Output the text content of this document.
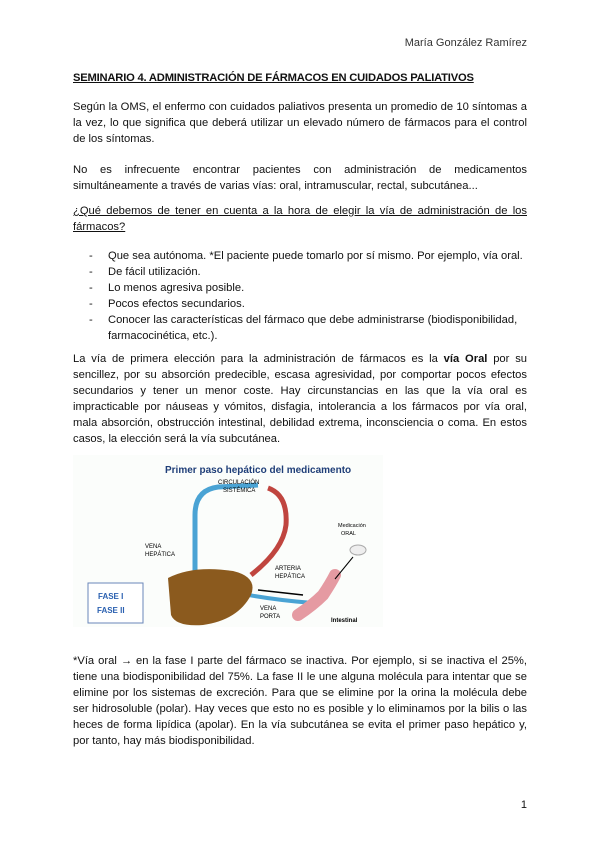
María González Ramírez
SEMINARIO 4. ADMINISTRACIÓN DE FÁRMACOS EN CUIDADOS PALIATIVOS

Según la OMS, el enfermo con cuidados paliativos presenta un promedio de 10 síntomas a la vez, lo que significa que deberá utilizar un elevado número de fármacos para el control de los síntomas.

No es infrecuente encontrar pacientes con administración de medicamentos simultáneamente a través de varias vías: oral, intramuscular, rectal, subcutánea...

¿Qué debemos de tener en cuenta a la hora de elegir la vía de administración de los fármacos?

- Que sea autónoma. *El paciente puede tomarlo por sí mismo. Por ejemplo, vía oral.
- De fácil utilización.
- Lo menos agresiva posible.
- Pocos efectos secundarios.
- Conocer las características del fármaco que debe administrarse (biodisponibilidad, farmacocinética, etc.).

La vía de primera elección para la administración de fármacos es la vía Oral por su sencillez, por su absorción predecible, escasa agresividad, por comportar pocos efectos secundarios y tener un menor coste. Hay circunstancias en las que la vía oral es impracticable por náuseas y vómitos, disfagia, intolerancia a los fármacos por vía oral, mala absorción, obstrucción intestinal, debilidad extrema, inconsciencia o coma. En estos casos, la elección será la vía subcutánea.

Primer paso hepático del medicamento
FASE I
FASE II
CIRCULACIÓN
SISTÉMICA
VENA
HEPÁTICA
ARTERIA
HEPÁTICA
VENA
PORTA
Medicación
ORAL
Intestinal

*Vía oral → en la fase I parte del fármaco se inactiva. Por ejemplo, si se inactiva el 25%, tiene una biodisponibilidad del 75%. La fase II le une alguna molécula para intentar que se elimine por los sistemas de excreción. Para que se elimine por la orina la molécula debe ser hidrosoluble (polar). Hay veces que esto no es posible y lo eliminamos por la bilis o las heces de forma lipídica (apolar). En la vía subcutánea se evita el primer paso hepático y, por tanto, hay más biodisponibilidad.

1
